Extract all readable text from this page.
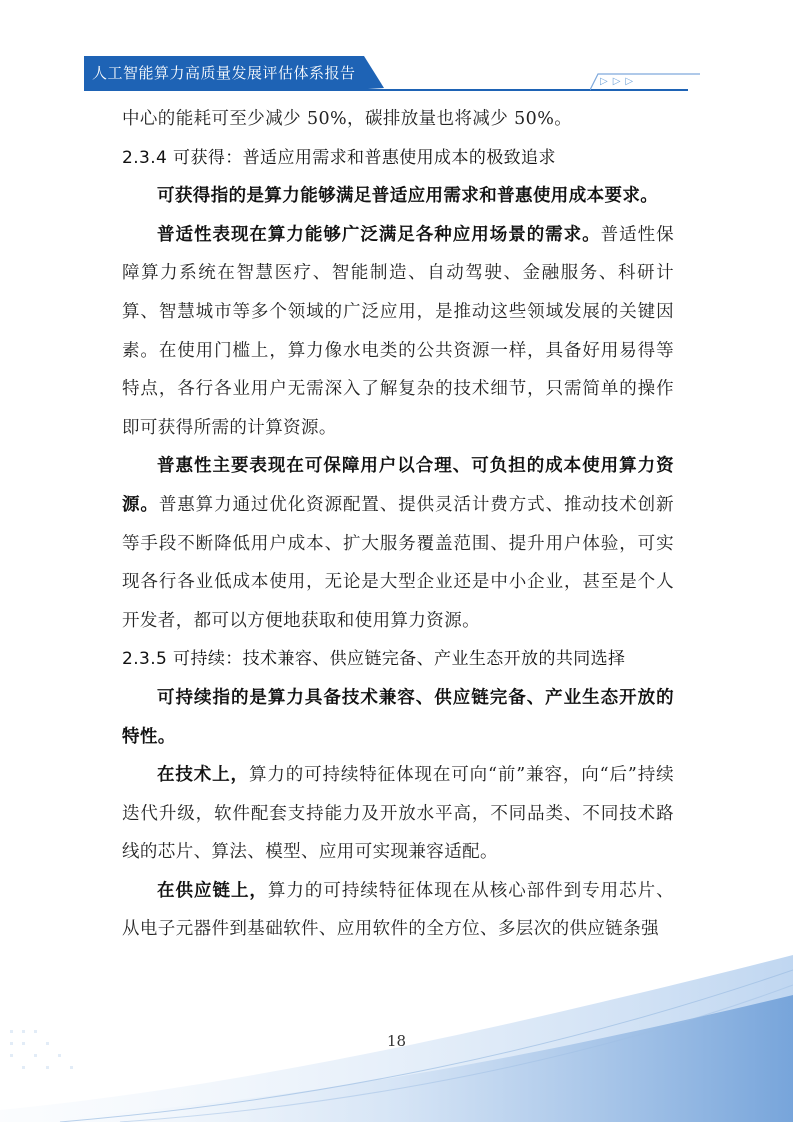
人工智能算力高质量发展评估体系报告	▷▷▷

中心的能耗可至少减少 50%，碳排放量也将减少 50%。

2.3.4 可获得：普适应用需求和普惠使用成本的极致追求

可获得指的是算力能够满足普适应用需求和普惠使用成本要求。

普适性表现在算力能够广泛满足各种应用场景的需求。普适性保障算力系统在智慧医疗、智能制造、自动驾驶、金融服务、科研计算、智慧城市等多个领域的广泛应用，是推动这些领域发展的关键因素。在使用门槛上，算力像水电类的公共资源一样，具备好用易得等特点，各行各业用户无需深入了解复杂的技术细节，只需简单的操作即可获得所需的计算资源。

普惠性主要表现在可保障用户以合理、可负担的成本使用算力资源。普惠算力通过优化资源配置、提供灵活计费方式、推动技术创新等手段不断降低用户成本、扩大服务覆盖范围、提升用户体验，可实现各行各业低成本使用，无论是大型企业还是中小企业，甚至是个人开发者，都可以方便地获取和使用算力资源。

2.3.5 可持续：技术兼容、供应链完备、产业生态开放的共同选择

可持续指的是算力具备技术兼容、供应链完备、产业生态开放的特性。

在技术上，算力的可持续特征体现在可向“前”兼容，向“后”持续迭代升级，软件配套支持能力及开放水平高，不同品类、不同技术路线的芯片、算法、模型、应用可实现兼容适配。

在供应链上，算力的可持续特征体现在从核心部件到专用芯片、从电子元器件到基础软件、应用软件的全方位、多层次的供应链条强

18
